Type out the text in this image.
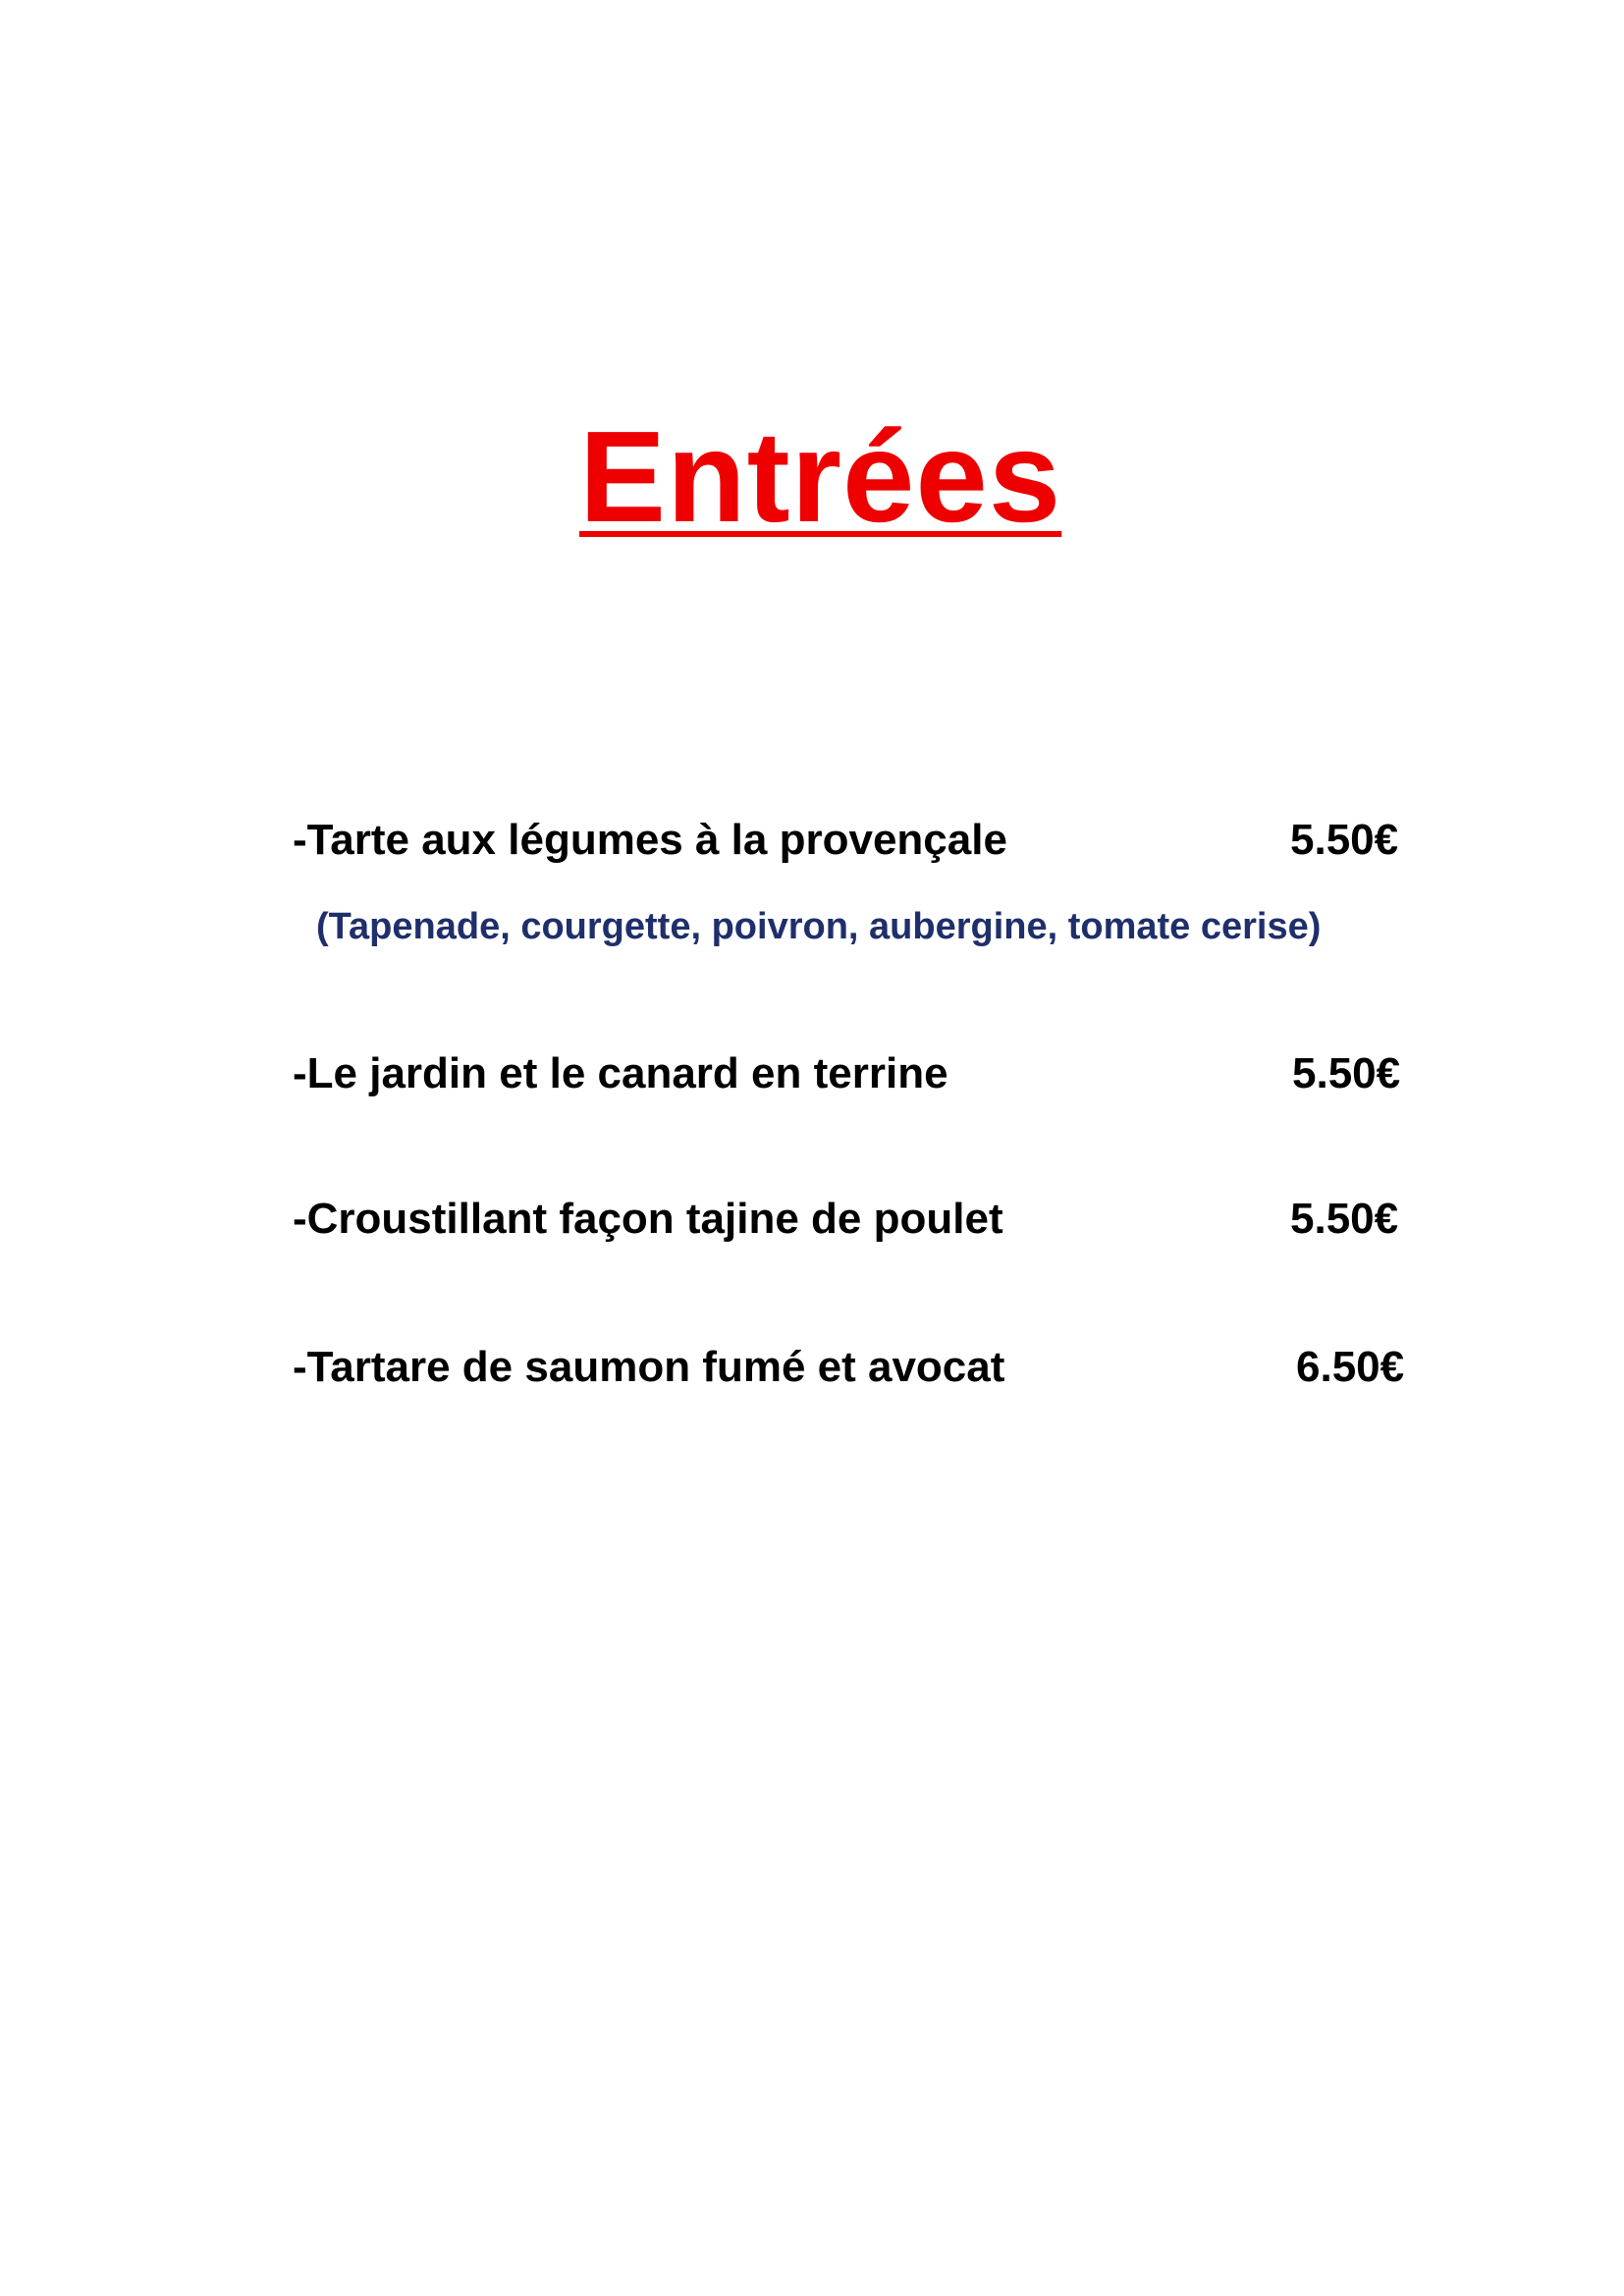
Entrées

-Tarte aux légumes à la provençale	5.50€

(Tapenade, courgette, poivron, aubergine, tomate cerise)

-Le jardin et le canard en terrine	5.50€

-Croustillant façon tajine de poulet	5.50€

-Tartare de saumon fumé et avocat	6.50€
